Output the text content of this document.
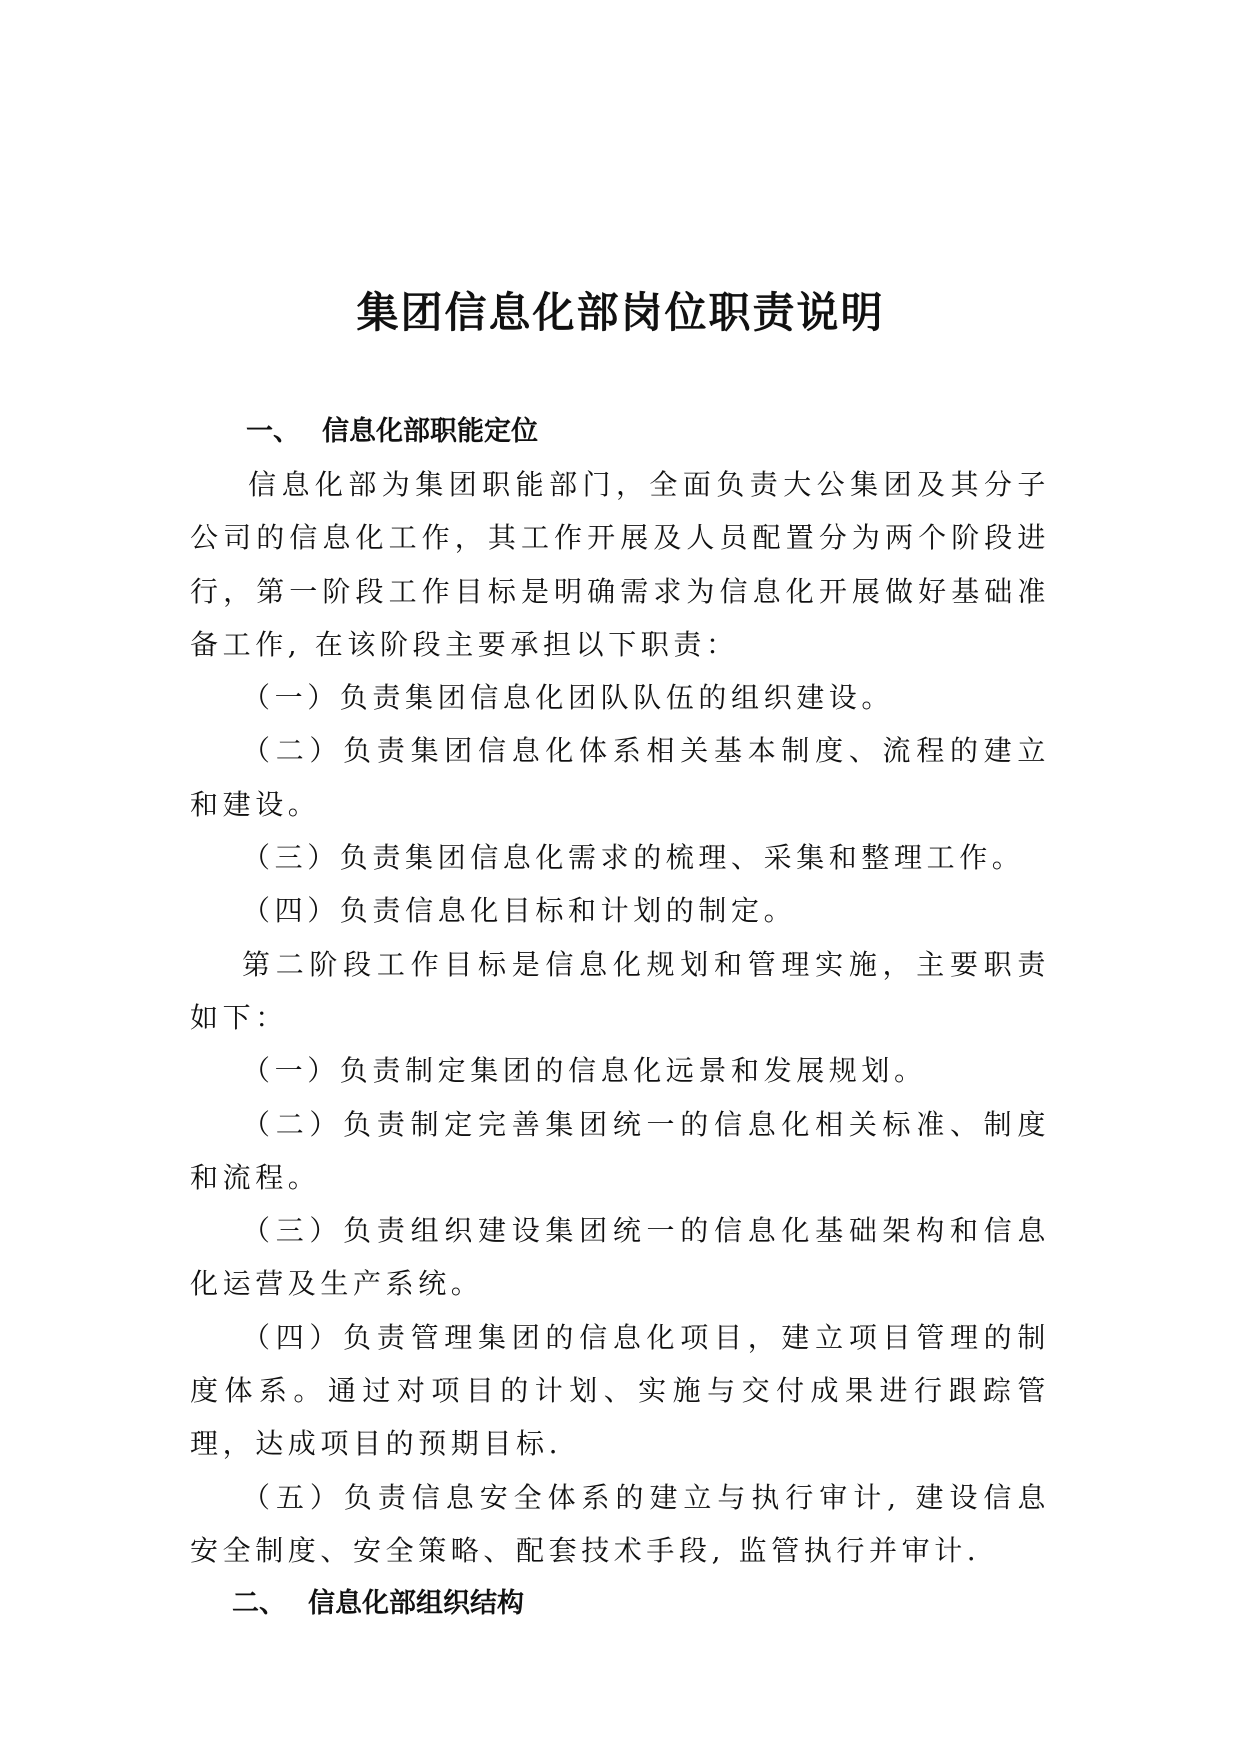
集团信息化部岗位职责说明
一、 信息化部职能定位

信息化部为集团职能部门，全面负责大公集团及其分子公司的信息化工作，其工作开展及人员配置分为两个阶段进行，第一阶段工作目标是明确需求为信息化开展做好基础准备工作, 在该阶段主要承担以下职责：

（一）负责集团信息化团队队伍的组织建设。

（二）负责集团信息化体系相关基本制度、流程的建立和建设。

（三）负责集团信息化需求的梳理、采集和整理工作。

（四）负责信息化目标和计划的制定。

第二阶段工作目标是信息化规划和管理实施，主要职责如下：

（一）负责制定集团的信息化远景和发展规划。

（二）负责制定完善集团统一的信息化相关标准、制度和流程。

（三）负责组织建设集团统一的信息化基础架构和信息化运营及生产系统。

（四）负责管理集团的信息化项目，建立项目管理的制度体系。通过对项目的计划、实施与交付成果进行跟踪管理，达成项目的预期目标.

（五）负责信息安全体系的建立与执行审计, 建设信息安全制度、安全策略、配套技术手段, 监管执行并审计.

二、 信息化部组织结构
